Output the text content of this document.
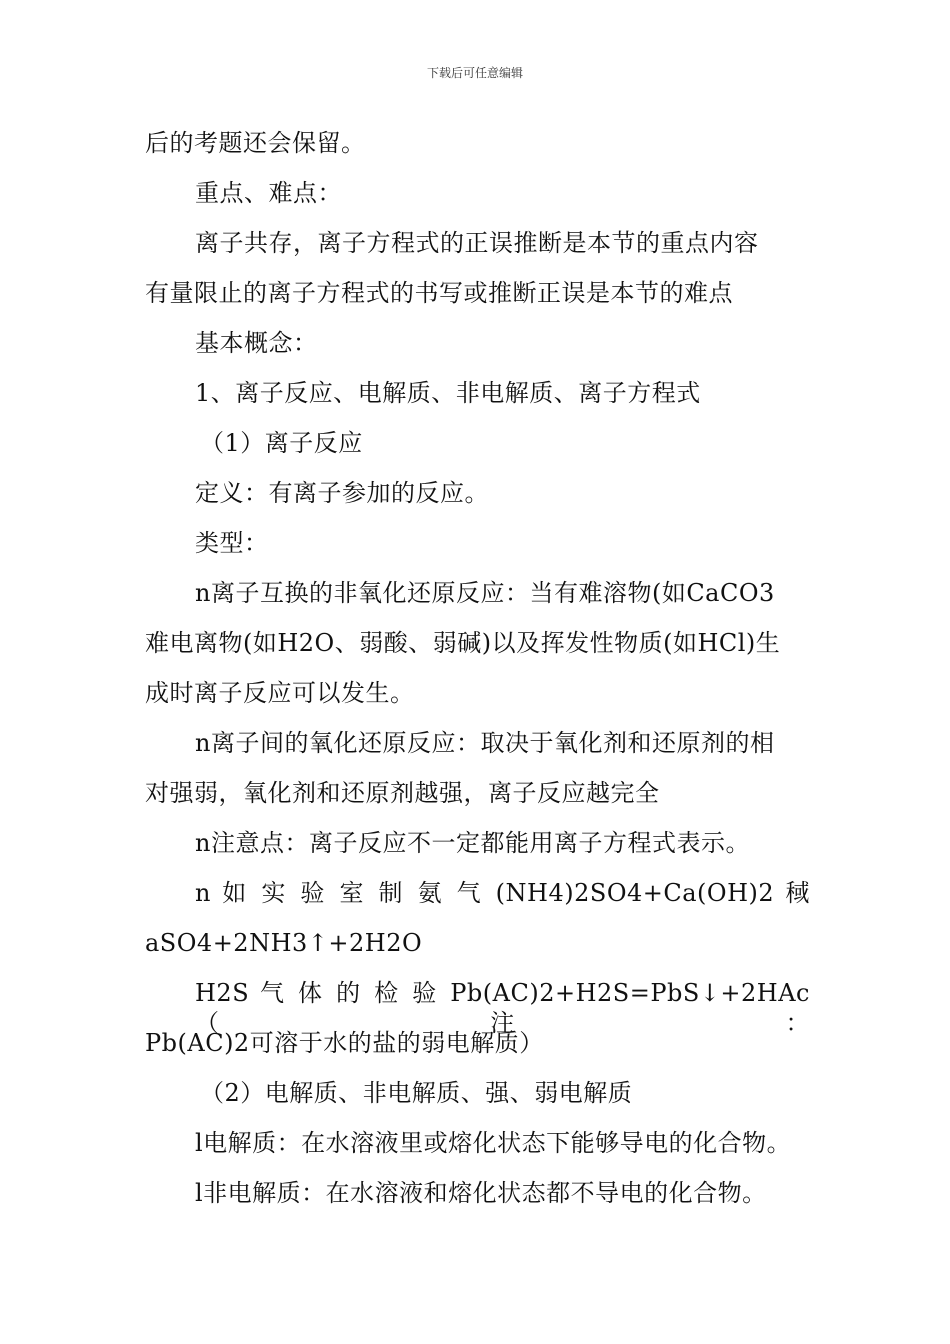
下载后可任意编辑
后的考题还会保留。
重点、难点：
离子共存，离子方程式的正误推断是本节的重点内容
有量限止的离子方程式的书写或推断正误是本节的难点
基本概念：
1、离子反应、电解质、非电解质、离子方程式
（1）离子反应
定义：有离子参加的反应。
类型：
n离子互换的非氧化还原反应：当有难溶物(如CaCO3
难电离物(如H2O、弱酸、弱碱)以及挥发性物质(如HCl)生
成时离子反应可以发生。
n离子间的氧化还原反应：取决于氧化剂和还原剂的相
对强弱，氧化剂和还原剂越强，离子反应越完全
n注意点：离子反应不一定都能用离子方程式表示。
n 如 实 验 室 制 氨 气 (NH4)2SO4+Ca(OH)2 稢
aSO4+2NH3↑+2H2O
H2S 气 体 的 检 验 Pb(AC)2+H2S=PbS↓+2HAc （ 注 ：
Pb(AC)2可溶于水的盐的弱电解质）
（2）电解质、非电解质、强、弱电解质
l电解质：在水溶液里或熔化状态下能够导电的化合物。
l非电解质：在水溶液和熔化状态都不导电的化合物。
